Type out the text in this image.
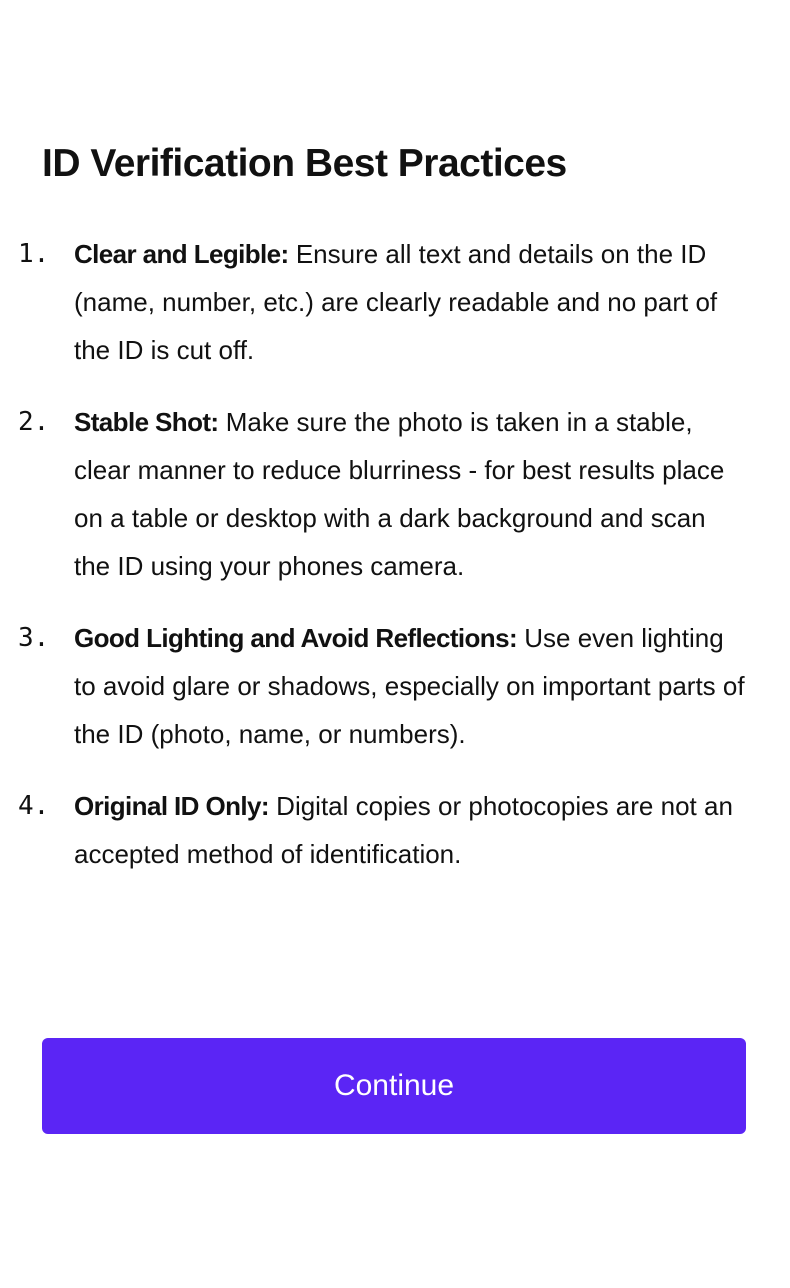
ID Verification Best Practices
1. Clear and Legible: Ensure all text and details on the ID (name, number, etc.) are clearly readable and no part of the ID is cut off.
2. Stable Shot: Make sure the photo is taken in a stable, clear manner to reduce blurriness - for best results place on a table or desktop with a dark background and scan the ID using your phones camera.
3. Good Lighting and Avoid Reflections: Use even lighting to avoid glare or shadows, especially on important parts of the ID (photo, name, or numbers).
4. Original ID Only: Digital copies or photocopies are not an accepted method of identification.
Continue
